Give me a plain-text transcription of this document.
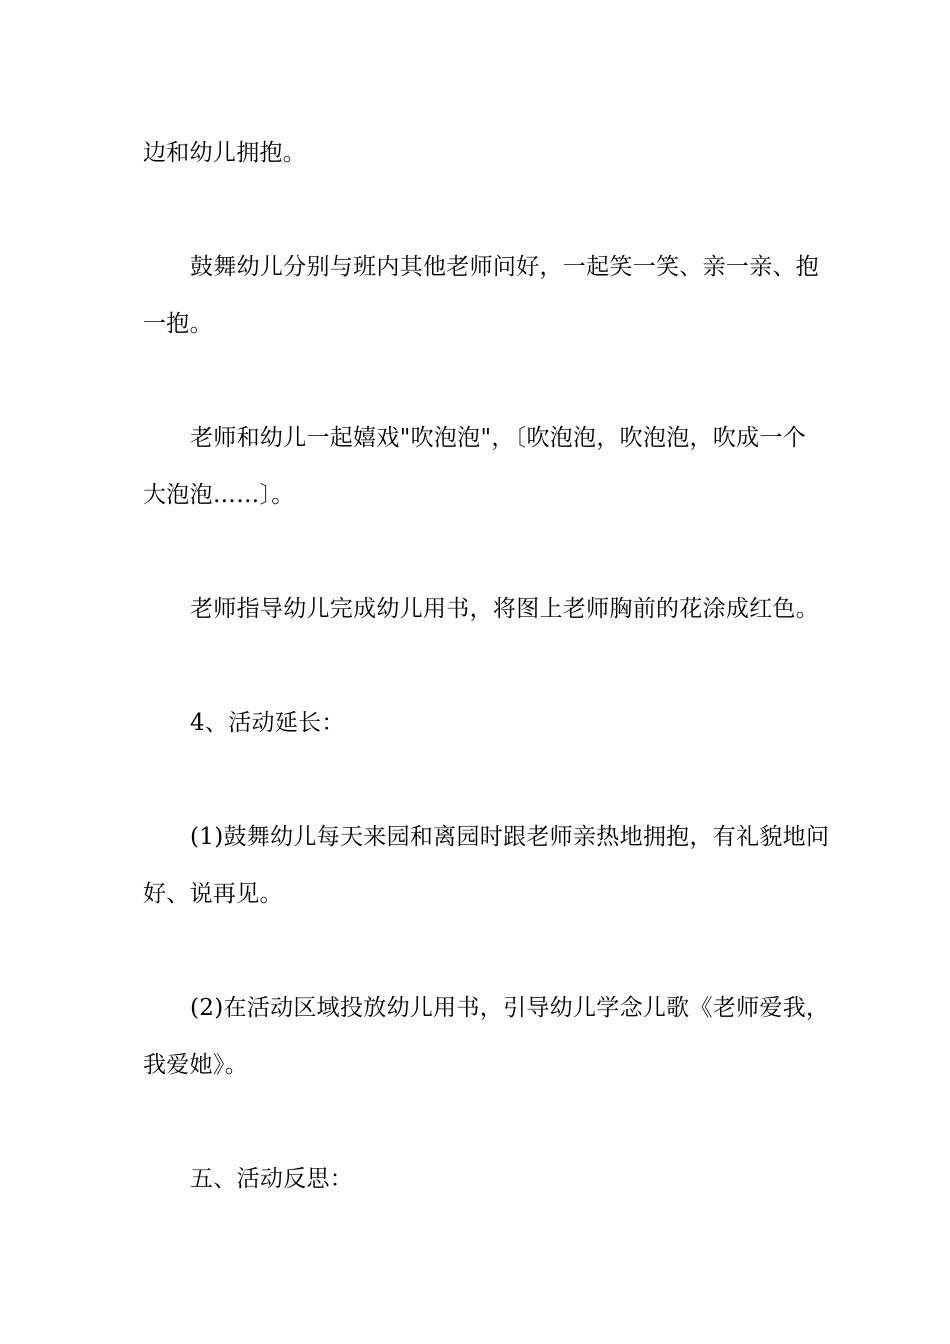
边和幼儿拥抱。
鼓舞幼儿分别与班内其他老师问好，一起笑一笑、亲一亲、抱
一抱。
老师和幼儿一起嬉戏"吹泡泡"，〔吹泡泡，吹泡泡，吹成一个
大泡泡……〕。
老师指导幼儿完成幼儿用书，将图上老师胸前的花涂成红色。
4、活动延长：
(1)鼓舞幼儿每天来园和离园时跟老师亲热地拥抱，有礼貌地问
好、说再见。
(2)在活动区域投放幼儿用书，引导幼儿学念儿歌《老师爱我，
我爱她》。
五、活动反思：
